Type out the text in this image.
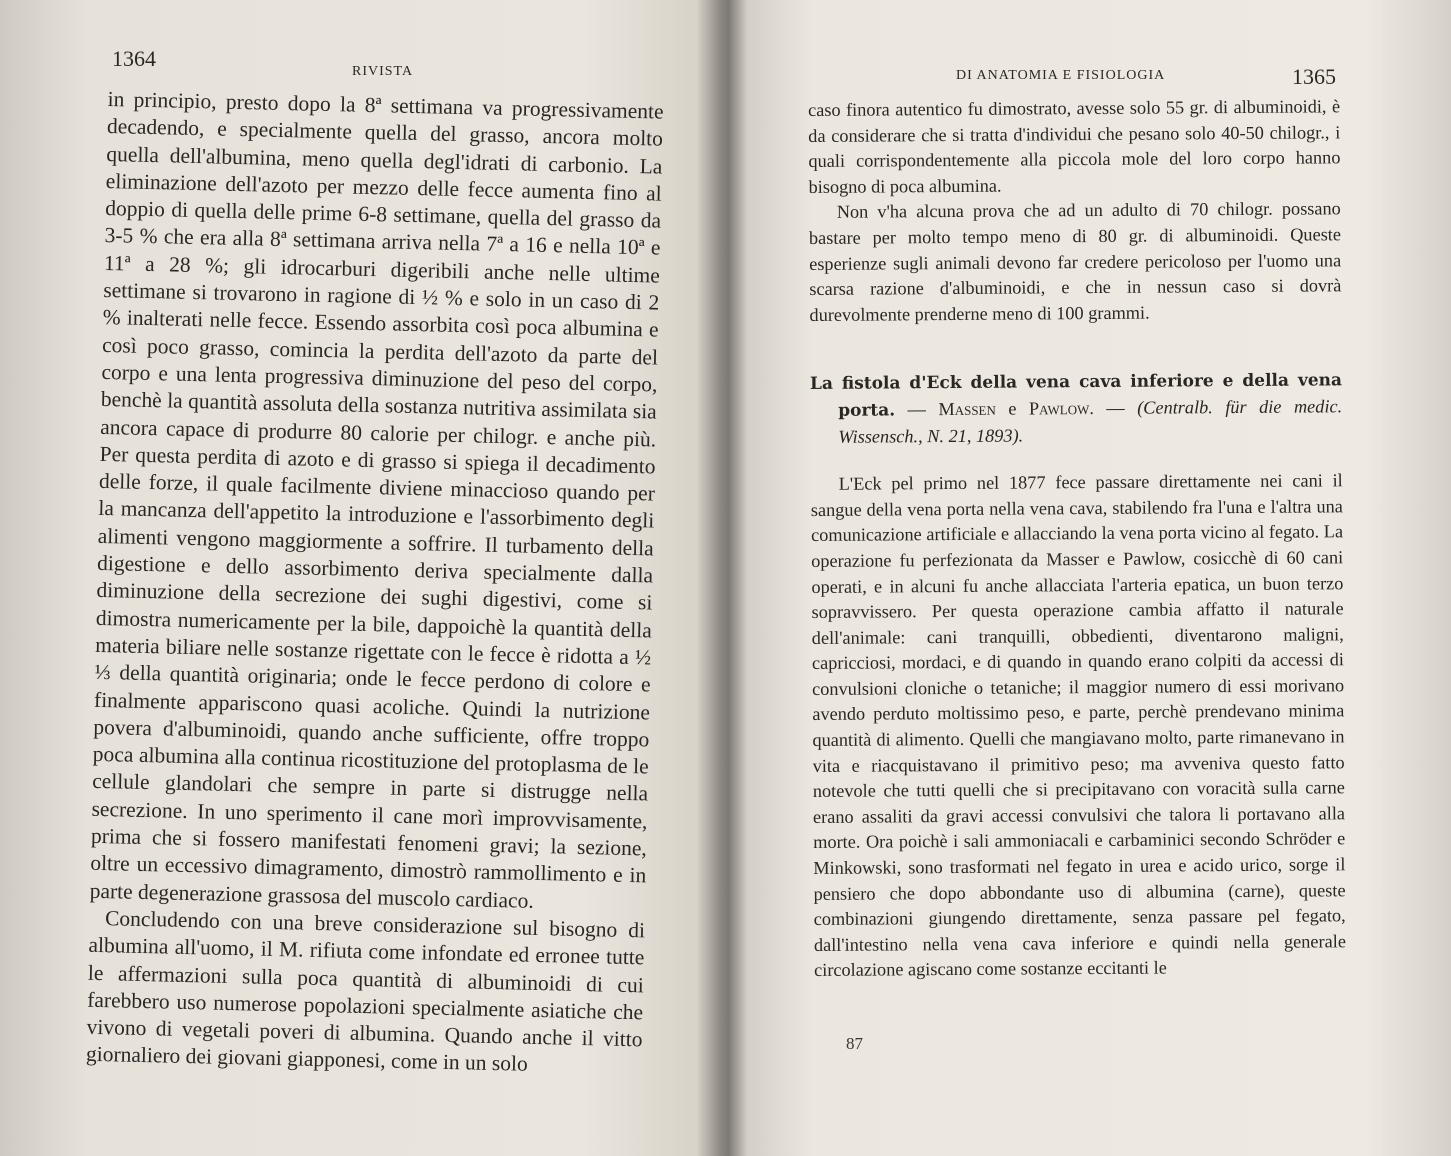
1364
RIVISTA

in principio, presto dopo la 8ª settimana va progressivamente decadendo, e specialmente quella del grasso, ancora molto quella dell'albumina, meno quella degl'idrati di carbonio. La eliminazione dell'azoto per mezzo delle fecce aumenta fino al doppio di quella delle prime 6-8 settimane, quella del grasso da 3-5 % che era alla 8ª settimana arriva nella 7ª a 16 e nella 10ª e 11ª a 28 %; gli idrocarburi digeribili anche nelle ultime settimane si trovarono in ragione di ½ % e solo in un caso di 2 % inalterati nelle fecce. Essendo assorbita così poca albumina e così poco grasso, comincia la perdita dell'azoto da parte del corpo e una lenta progressiva diminuzione del peso del corpo, benchè la quantità assoluta della sostanza nutritiva assimilata sia ancora capace di produrre 80 calorie per chilogr. e anche più. Per questa perdita di azoto e di grasso si spiega il decadimento delle forze, il quale facilmente diviene minaccioso quando per la mancanza dell'appetito la introduzione e l'assorbimento degli alimenti vengono maggiormente a soffrire. Il turbamento della digestione e dello assorbimento deriva specialmente dalla diminuzione della secrezione dei sughi digestivi, come si dimostra numericamente per la bile, dappoichè la quantità della materia biliare nelle sostanze rigettate con le fecce è ridotta a ½ ⅓ della quantità originaria; onde le fecce perdono di colore e finalmente appariscono quasi acoliche. Quindi la nutrizione povera d'albuminoidi, quando anche sufficiente, offre troppo poca albumina alla continua ricostituzione del protoplasma de le cellule glandolari che sempre in parte si distrugge nella secrezione. In uno sperimento il cane morì improvvisamente, prima che si fossero manifestati fenomeni gravi; la sezione, oltre un eccessivo dimagramento, dimostrò rammollimento e in parte degenerazione grassosa del muscolo cardiaco.

Concludendo con una breve considerazione sul bisogno di albumina all'uomo, il M. rifiuta come infondate ed erronee tutte le affermazioni sulla poca quantità di albuminoidi di cui farebbero uso numerose popolazioni specialmente asiatiche che vivono di vegetali poveri di albumina. Quando anche il vitto giornaliero dei giovani giapponesi, come in un solo

DI ANATOMIA E FISIOLOGIA	1365

caso finora autentico fu dimostrato, avesse solo 55 gr. di albuminoidi, è da considerare che si tratta d'individui che pesano solo 40-50 chilogr., i quali corrispondentemente alla piccola mole del loro corpo hanno bisogno di poca albumina.

Non v'ha alcuna prova che ad un adulto di 70 chilogr. possano bastare per molto tempo meno di 80 gr. di albuminoidi. Queste esperienze sugli animali devono far credere pericoloso per l'uomo una scarsa razione d'albuminoidi, e che in nessun caso si dovrà durevolmente prenderne meno di 100 grammi.

La fistola d'Eck della vena cava inferiore e della vena porta. — Massen e Pawlow. — (Centralb. für die medic. Wissensch., N. 21, 1893).

L'Eck pel primo nel 1877 fece passare direttamente nei cani il sangue della vena porta nella vena cava, stabilendo fra l'una e l'altra una comunicazione artificiale e allacciando la vena porta vicino al fegato. La operazione fu perfezionata da Masser e Pawlow, cosicchè di 60 cani operati, e in alcuni fu anche allacciata l'arteria epatica, un buon terzo sopravvissero. Per questa operazione cambia affatto il naturale dell'animale: cani tranquilli, obbedienti, diventarono maligni, capricciosi, mordaci, e di quando in quando erano colpiti da accessi di convulsioni cloniche o tetaniche; il maggior numero di essi morivano avendo perduto moltissimo peso, e parte, perchè prendevano minima quantità di alimento. Quelli che mangiavano molto, parte rimanevano in vita e riacquistavano il primitivo peso; ma avveniva questo fatto notevole che tutti quelli che si precipitavano con voracità sulla carne erano assaliti da gravi accessi convulsivi che talora li portavano alla morte. Ora poichè i sali ammoniacali e carbaminici secondo Schröder e Minkowski, sono trasformati nel fegato in urea e acido urico, sorge il pensiero che dopo abbondante uso di albumina (carne), queste combinazioni giungendo direttamente, senza passare pel fegato, dall'intestino nella vena cava inferiore e quindi nella generale circolazione agiscano come sostanze eccitanti le

87
